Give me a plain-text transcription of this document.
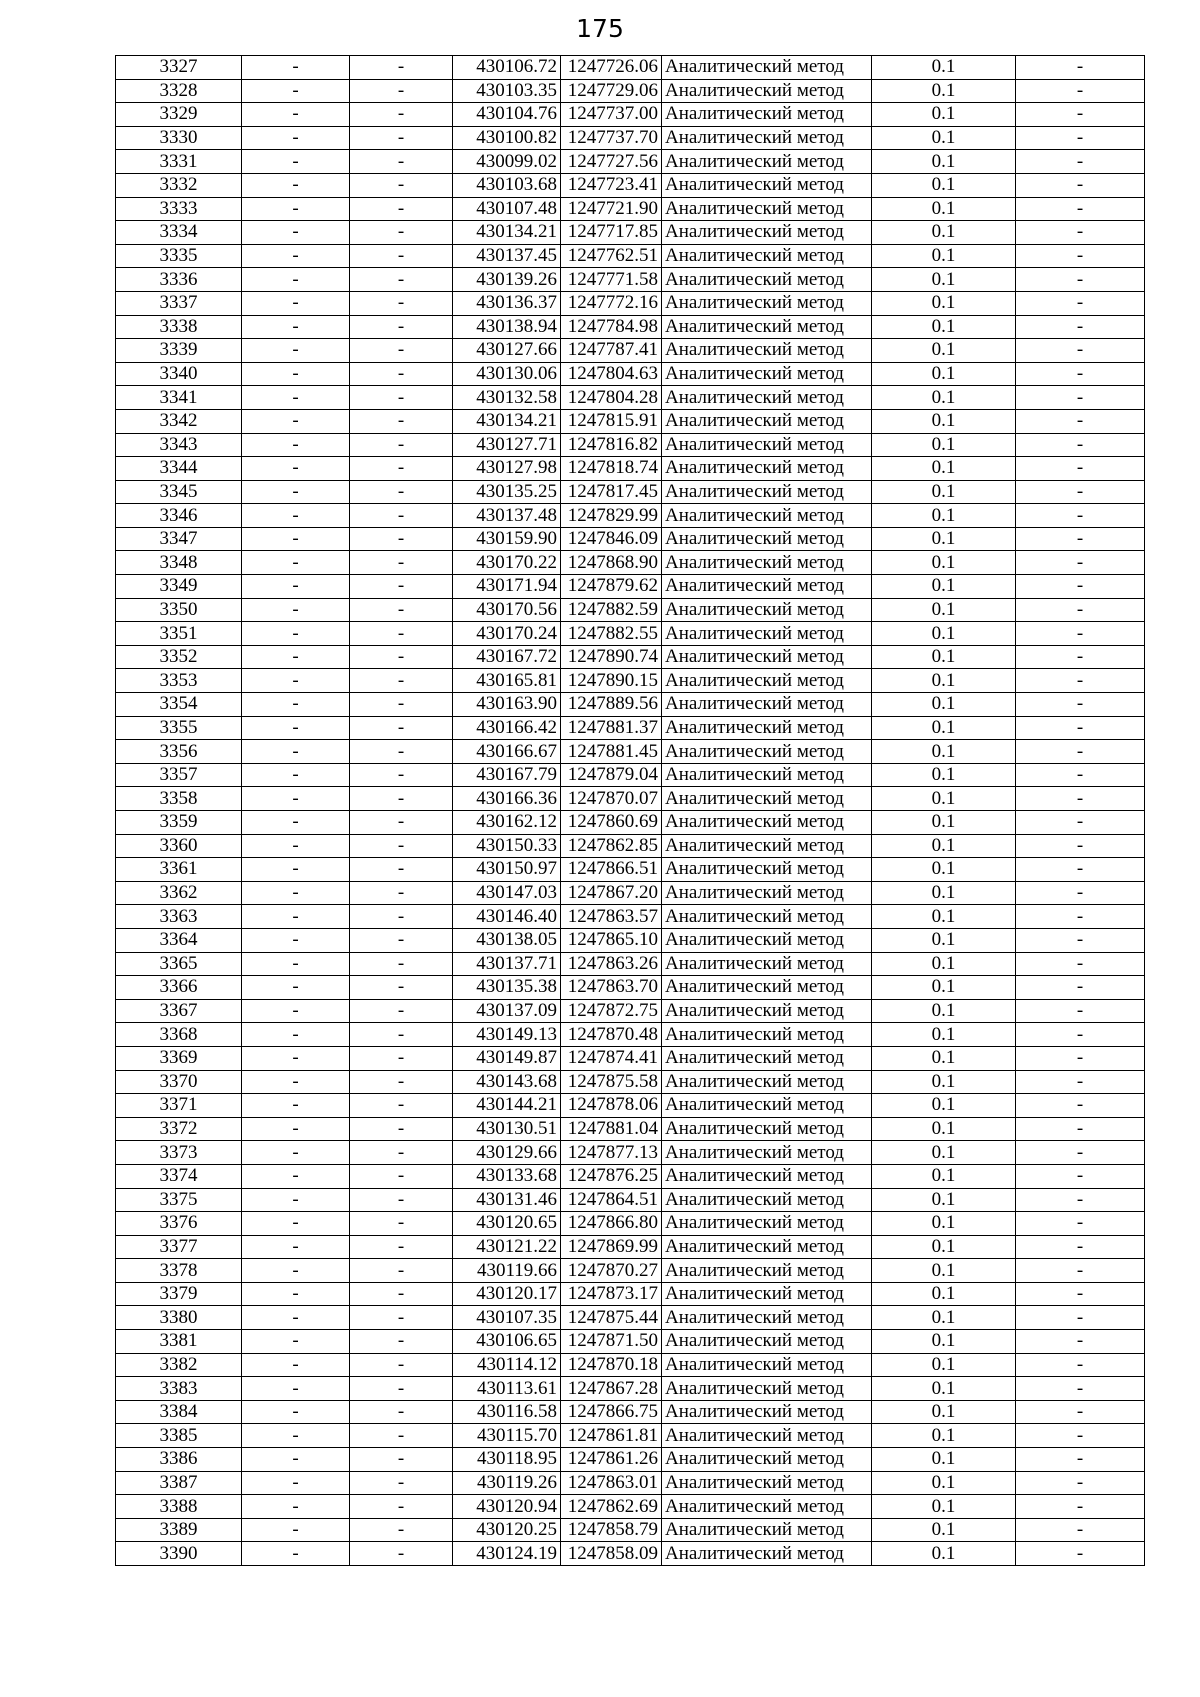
175
3327	-	-	430106.72	1247726.06	Аналитический метод	0.1	-
3328	-	-	430103.35	1247729.06	Аналитический метод	0.1	-
3329	-	-	430104.76	1247737.00	Аналитический метод	0.1	-
3330	-	-	430100.82	1247737.70	Аналитический метод	0.1	-
3331	-	-	430099.02	1247727.56	Аналитический метод	0.1	-
3332	-	-	430103.68	1247723.41	Аналитический метод	0.1	-
3333	-	-	430107.48	1247721.90	Аналитический метод	0.1	-
3334	-	-	430134.21	1247717.85	Аналитический метод	0.1	-
3335	-	-	430137.45	1247762.51	Аналитический метод	0.1	-
3336	-	-	430139.26	1247771.58	Аналитический метод	0.1	-
3337	-	-	430136.37	1247772.16	Аналитический метод	0.1	-
3338	-	-	430138.94	1247784.98	Аналитический метод	0.1	-
3339	-	-	430127.66	1247787.41	Аналитический метод	0.1	-
3340	-	-	430130.06	1247804.63	Аналитический метод	0.1	-
3341	-	-	430132.58	1247804.28	Аналитический метод	0.1	-
3342	-	-	430134.21	1247815.91	Аналитический метод	0.1	-
3343	-	-	430127.71	1247816.82	Аналитический метод	0.1	-
3344	-	-	430127.98	1247818.74	Аналитический метод	0.1	-
3345	-	-	430135.25	1247817.45	Аналитический метод	0.1	-
3346	-	-	430137.48	1247829.99	Аналитический метод	0.1	-
3347	-	-	430159.90	1247846.09	Аналитический метод	0.1	-
3348	-	-	430170.22	1247868.90	Аналитический метод	0.1	-
3349	-	-	430171.94	1247879.62	Аналитический метод	0.1	-
3350	-	-	430170.56	1247882.59	Аналитический метод	0.1	-
3351	-	-	430170.24	1247882.55	Аналитический метод	0.1	-
3352	-	-	430167.72	1247890.74	Аналитический метод	0.1	-
3353	-	-	430165.81	1247890.15	Аналитический метод	0.1	-
3354	-	-	430163.90	1247889.56	Аналитический метод	0.1	-
3355	-	-	430166.42	1247881.37	Аналитический метод	0.1	-
3356	-	-	430166.67	1247881.45	Аналитический метод	0.1	-
3357	-	-	430167.79	1247879.04	Аналитический метод	0.1	-
3358	-	-	430166.36	1247870.07	Аналитический метод	0.1	-
3359	-	-	430162.12	1247860.69	Аналитический метод	0.1	-
3360	-	-	430150.33	1247862.85	Аналитический метод	0.1	-
3361	-	-	430150.97	1247866.51	Аналитический метод	0.1	-
3362	-	-	430147.03	1247867.20	Аналитический метод	0.1	-
3363	-	-	430146.40	1247863.57	Аналитический метод	0.1	-
3364	-	-	430138.05	1247865.10	Аналитический метод	0.1	-
3365	-	-	430137.71	1247863.26	Аналитический метод	0.1	-
3366	-	-	430135.38	1247863.70	Аналитический метод	0.1	-
3367	-	-	430137.09	1247872.75	Аналитический метод	0.1	-
3368	-	-	430149.13	1247870.48	Аналитический метод	0.1	-
3369	-	-	430149.87	1247874.41	Аналитический метод	0.1	-
3370	-	-	430143.68	1247875.58	Аналитический метод	0.1	-
3371	-	-	430144.21	1247878.06	Аналитический метод	0.1	-
3372	-	-	430130.51	1247881.04	Аналитический метод	0.1	-
3373	-	-	430129.66	1247877.13	Аналитический метод	0.1	-
3374	-	-	430133.68	1247876.25	Аналитический метод	0.1	-
3375	-	-	430131.46	1247864.51	Аналитический метод	0.1	-
3376	-	-	430120.65	1247866.80	Аналитический метод	0.1	-
3377	-	-	430121.22	1247869.99	Аналитический метод	0.1	-
3378	-	-	430119.66	1247870.27	Аналитический метод	0.1	-
3379	-	-	430120.17	1247873.17	Аналитический метод	0.1	-
3380	-	-	430107.35	1247875.44	Аналитический метод	0.1	-
3381	-	-	430106.65	1247871.50	Аналитический метод	0.1	-
3382	-	-	430114.12	1247870.18	Аналитический метод	0.1	-
3383	-	-	430113.61	1247867.28	Аналитический метод	0.1	-
3384	-	-	430116.58	1247866.75	Аналитический метод	0.1	-
3385	-	-	430115.70	1247861.81	Аналитический метод	0.1	-
3386	-	-	430118.95	1247861.26	Аналитический метод	0.1	-
3387	-	-	430119.26	1247863.01	Аналитический метод	0.1	-
3388	-	-	430120.94	1247862.69	Аналитический метод	0.1	-
3389	-	-	430120.25	1247858.79	Аналитический метод	0.1	-
3390	-	-	430124.19	1247858.09	Аналитический метод	0.1	-
